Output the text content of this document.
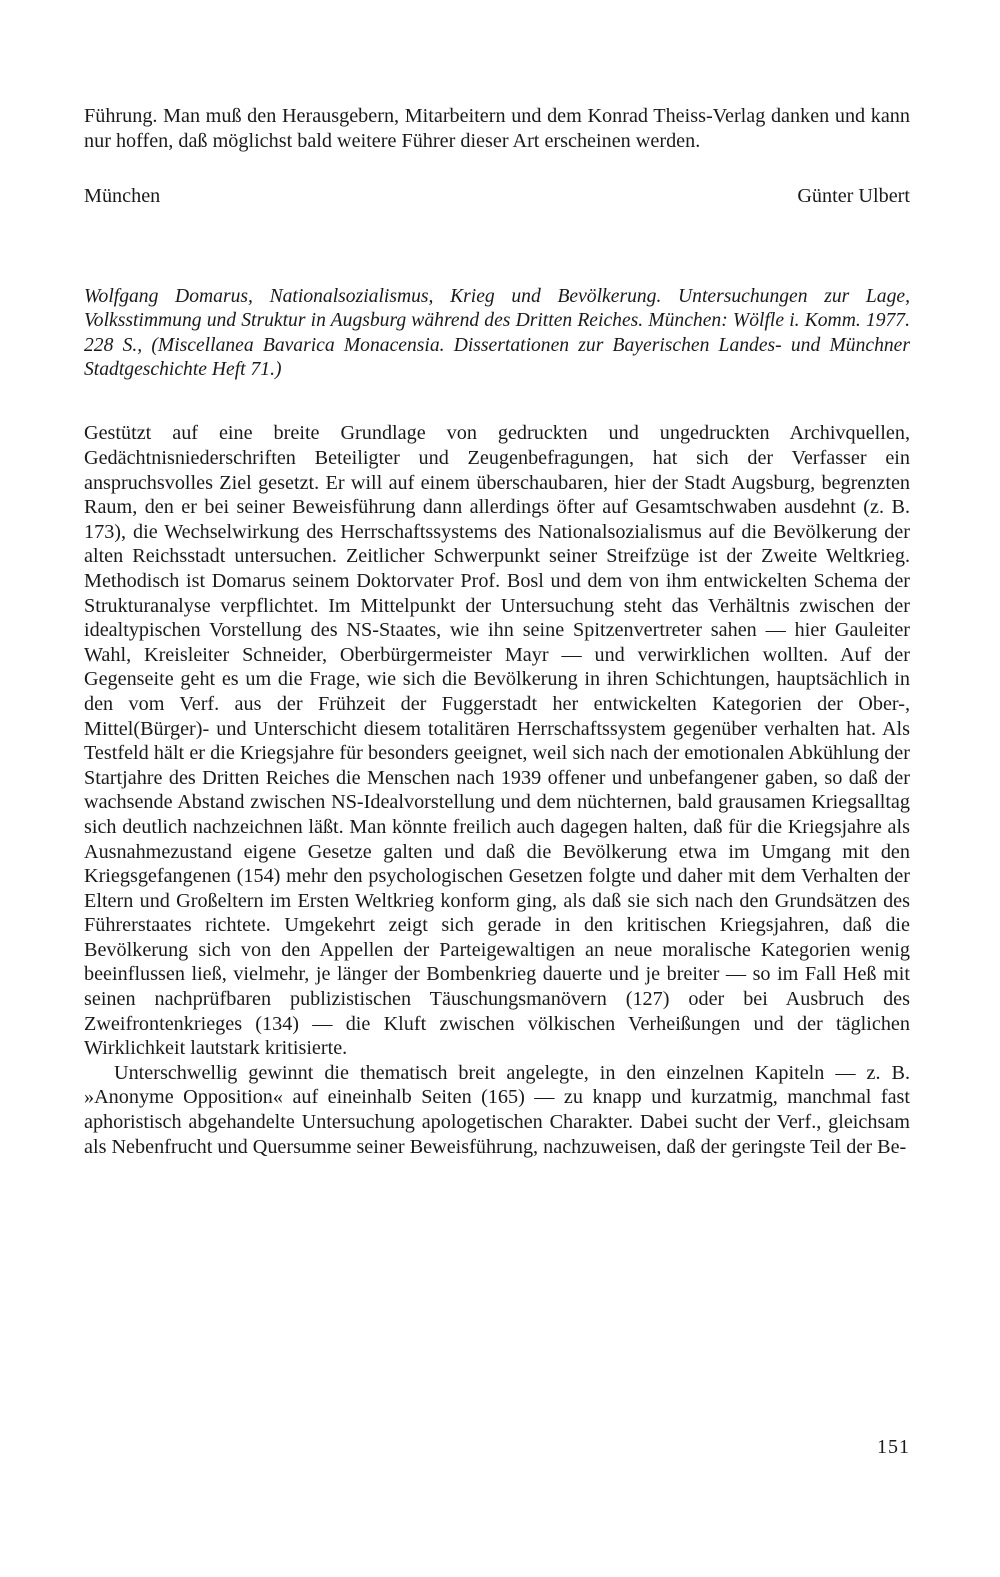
Führung. Man muß den Herausgebern, Mitarbeitern und dem Konrad Theiss-Verlag danken und kann nur hoffen, daß möglichst bald weitere Führer dieser Art erscheinen werden.

München	Günter Ulbert

Wolfgang Domarus, Nationalsozialismus, Krieg und Bevölkerung. Untersuchungen zur Lage, Volksstimmung und Struktur in Augsburg während des Dritten Reiches. München: Wölfle i. Komm. 1977. 228 S., (Miscellanea Bavarica Monacensia. Dissertationen zur Bayerischen Landes- und Münchner Stadtgeschichte Heft 71.)

Gestützt auf eine breite Grundlage von gedruckten und ungedruckten Archivquellen, Gedächtnisniederschriften Beteiligter und Zeugenbefragungen, hat sich der Verfasser ein anspruchsvolles Ziel gesetzt. Er will auf einem überschaubaren, hier der Stadt Augsburg, begrenzten Raum, den er bei seiner Beweisführung dann allerdings öfter auf Gesamtschwaben ausdehnt (z. B. 173), die Wechselwirkung des Herrschaftssystems des Nationalsozialismus auf die Bevölkerung der alten Reichsstadt untersuchen. Zeitlicher Schwerpunkt seiner Streifzüge ist der Zweite Weltkrieg. Methodisch ist Domarus seinem Doktorvater Prof. Bosl und dem von ihm entwickelten Schema der Strukturanalyse verpflichtet. Im Mittelpunkt der Untersuchung steht das Verhältnis zwischen der idealtypischen Vorstellung des NS-Staates, wie ihn seine Spitzenvertreter sahen — hier Gauleiter Wahl, Kreisleiter Schneider, Oberbürgermeister Mayr — und verwirklichen wollten. Auf der Gegenseite geht es um die Frage, wie sich die Bevölkerung in ihren Schichtungen, hauptsächlich in den vom Verf. aus der Frühzeit der Fuggerstadt her entwickelten Kategorien der Ober-, Mittel(Bürger)- und Unterschicht diesem totalitären Herrschaftssystem gegenüber verhalten hat. Als Testfeld hält er die Kriegsjahre für besonders geeignet, weil sich nach der emotionalen Abkühlung der Startjahre des Dritten Reiches die Menschen nach 1939 offener und unbefangener gaben, so daß der wachsende Abstand zwischen NS-Idealvorstellung und dem nüchternen, bald grausamen Kriegsalltag sich deutlich nachzeichnen läßt. Man könnte freilich auch dagegen halten, daß für die Kriegsjahre als Ausnahmezustand eigene Gesetze galten und daß die Bevölkerung etwa im Umgang mit den Kriegsgefangenen (154) mehr den psychologischen Gesetzen folgte und daher mit dem Verhalten der Eltern und Großeltern im Ersten Weltkrieg konform ging, als daß sie sich nach den Grundsätzen des Führerstaates richtete. Umgekehrt zeigt sich gerade in den kritischen Kriegsjahren, daß die Bevölkerung sich von den Appellen der Parteigewaltigen an neue moralische Kategorien wenig beeinflussen ließ, vielmehr, je länger der Bombenkrieg dauerte und je breiter — so im Fall Heß mit seinen nachprüfbaren publizistischen Täuschungsmanövern (127) oder bei Ausbruch des Zweifrontenkrieges (134) — die Kluft zwischen völkischen Verheißungen und der täglichen Wirklichkeit lautstark kritisierte.

Unterschwellig gewinnt die thematisch breit angelegte, in den einzelnen Kapiteln — z. B. »Anonyme Opposition« auf eineinhalb Seiten (165) — zu knapp und kurzatmig, manchmal fast aphoristisch abgehandelte Untersuchung apologetischen Charakter. Dabei sucht der Verf., gleichsam als Nebenfrucht und Quersumme seiner Beweisführung, nachzuweisen, daß der geringste Teil der Be-

151
